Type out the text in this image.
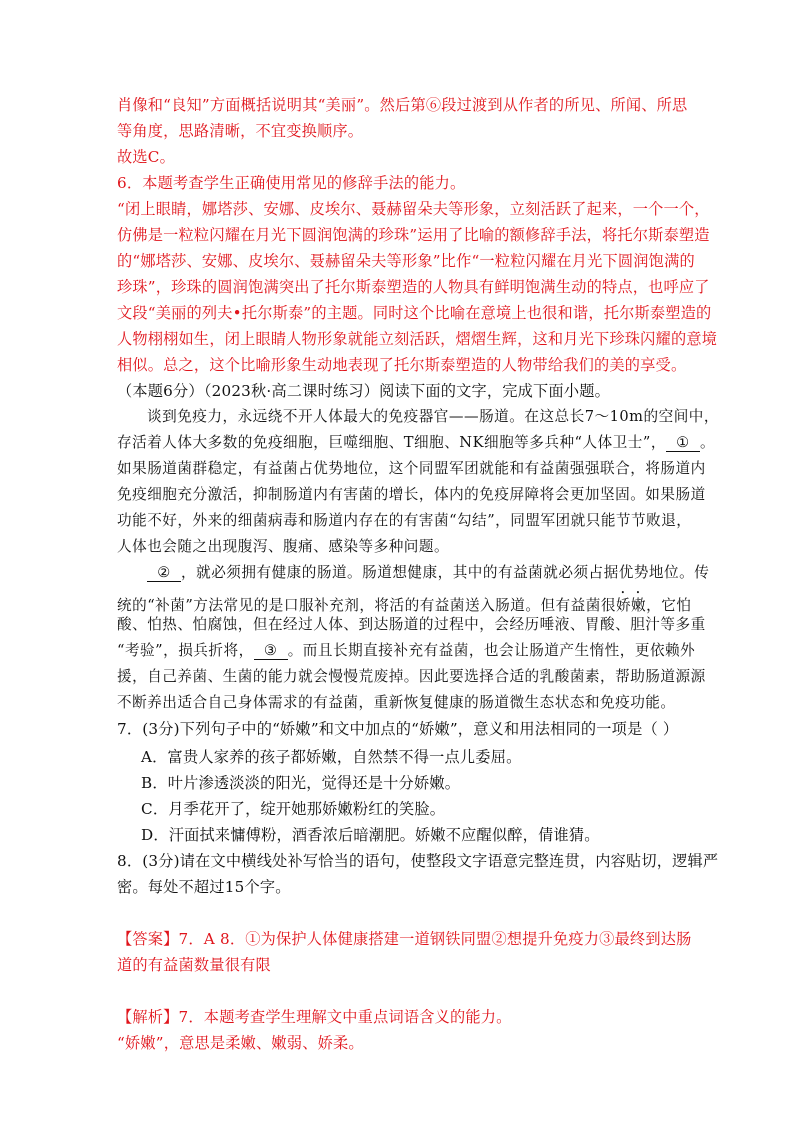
肖像和“良知”方面概括说明其“美丽”。然后第⑥段过渡到从作者的所见、所闻、所思
等角度，思路清晰，不宜变换顺序。
故选C。
6．本题考查学生正确使用常见的修辞手法的能力。
“闭上眼睛，娜塔莎、安娜、皮埃尔、聂赫留朵夫等形象，立刻活跃了起来，一个一个，
仿佛是一粒粒闪耀在月光下圆润饱满的珍珠”运用了比喻的额修辞手法，将托尔斯泰塑造
的“娜塔莎、安娜、皮埃尔、聂赫留朵夫等形象”比作“一粒粒闪耀在月光下圆润饱满的
珍珠”，珍珠的圆润饱满突出了托尔斯泰塑造的人物具有鲜明饱满生动的特点，也呼应了
文段“美丽的列夫•托尔斯泰”的主题。同时这个比喻在意境上也很和谐，托尔斯泰塑造的
人物栩栩如生，闭上眼睛人物形象就能立刻活跃，熠熠生辉，这和月光下珍珠闪耀的意境
相似。总之，这个比喻形象生动地表现了托尔斯泰塑造的人物带给我们的美的享受。
（本题6分）（2023秋·高二课时练习）阅读下面的文字，完成下面小题。
谈到免疫力，永远绕不开人体最大的免疫器官——肠道。在这总长7～10m的空间中，
存活着人体大多数的免疫细胞，巨噬细胞、T细胞、NK细胞等多兵种“人体卫士”， ① 。
如果肠道菌群稳定，有益菌占优势地位，这个同盟军团就能和有益菌强强联合，将肠道内
免疫细胞充分激活，抑制肠道内有害菌的增长，体内的免疫屏障将会更加坚固。如果肠道
功能不好，外来的细菌病毒和肠道内存在的有害菌“勾结”，同盟军团就只能节节败退，
人体也会随之出现腹泻、腹痛、感染等多种问题。
② ，就必须拥有健康的肠道。肠道想健康，其中的有益菌就必须占据优势地位。传
统的“补菌”方法常见的是口服补充剂，将活的有益菌送入肠道。但有益菌很娇嫩，它怕
酸、怕热、怕腐蚀，但在经过人体、到达肠道的过程中，会经历唾液、胃酸、胆汁等多重
“考验”，损兵折将， ③ 。而且长期直接补充有益菌，也会让肠道产生惰性，更依赖外
援，自己养菌、生菌的能力就会慢慢荒废掉。因此要选择合适的乳酸菌素，帮助肠道源源
不断养出适合自己身体需求的有益菌，重新恢复健康的肠道微生态状态和免疫功能。
7．(3分)下列句子中的“娇嫩”和文中加点的“娇嫩”，意义和用法相同的一项是（ ）
A．富贵人家养的孩子都娇嫩，自然禁不得一点儿委屈。
B．叶片渗透淡淡的阳光，觉得还是十分娇嫩。
C．月季花开了，绽开她那娇嫩粉红的笑脸。
D．汗面拭来慵傅粉，酒香浓后暗潮肥。娇嫩不应醒似醉，倩谁猜。
8．(3分)请在文中横线处补写恰当的语句，使整段文字语意完整连贯，内容贴切，逻辑严
密。每处不超过15个字。
【答案】7．A 8．①为保护人体健康搭建一道钢铁同盟②想提升免疫力③最终到达肠
道的有益菌数量很有限
【解析】7．本题考查学生理解文中重点词语含义的能力。
“娇嫩”，意思是柔嫩、嫩弱、娇柔。
